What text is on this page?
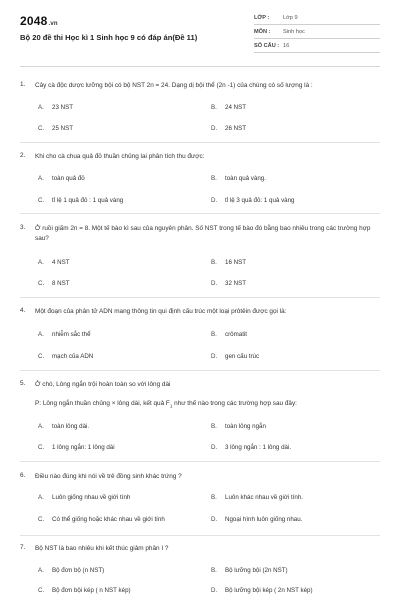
2048.vn
Bộ 20 đề thi Học kì 1 Sinh học 9 có đáp án(Đề 11)
LỚP : Lớp 9
MÔN : Sinh học
SỐ CÂU : 16
1. Cây cà độc dược lưỡng bội có bộ NST 2n = 24. Dạng dị bội thể (2n -1) của chúng có số lượng là :
A. 23 NST	B. 24 NST
C. 25 NST	D. 26 NST
2. Khi cho cà chua quả đỏ thuần chủng lai phân tích thu được:
A. toàn quả đỏ	B. toàn quả vàng.
C. tỉ lệ 1 quả đỏ : 1 quả vàng	D. tỉ lệ 3 quả đỏ: 1 quả vàng
3. Ở ruồi giấm 2n = 8. Một tế bào kì sau của nguyên phân. Số NST trong tế bào đó bằng bao nhiêu trong các trường hợp sau?
A. 4 NST	B. 16 NST
C. 8 NST	D. 32 NST
4. Một đoạn của phân tử ADN mang thông tin qui định cấu trúc một loại prôtêin được gọi là:
A. nhiễm sắc thể	B. crômatit
C. mạch của ADN	D. gen cấu trúc
5. Ở chó, Lông ngắn trội hoàn toàn so với lông dài
P: Lông ngắn thuần chủng × lông dài, kết quả $F_1$ như thế nào trong các trường hợp sau đây:
A. toàn lông dài.	B. toàn lông ngắn
C. 1 lông ngắn: 1 lông dài	D. 3 lông ngắn : 1 lông dài.
6. Điều nào đúng khi nói về trẻ đồng sinh khác trứng ?
A. Luôn giống nhau về giới tính	B. Luôn khác nhau về giới tính.
C. Có thể giống hoặc khác nhau về giới tính	D. Ngoại hình luôn giống nhau.
7. Bộ NST là bao nhiêu khi kết thúc giảm phân I ?
A. Bộ đơn bộ (n NST)	B. Bộ lưỡng bội (2n NST)
C. Bộ đơn bội kép ( n NST kép)	D. Bộ lưỡng bội kép ( 2n NST kép)
